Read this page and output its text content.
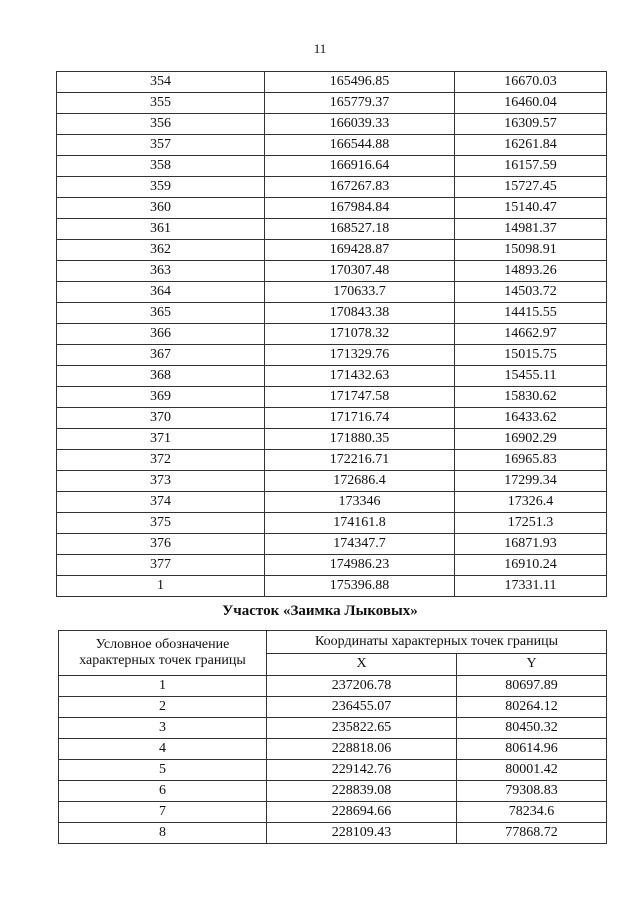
11
354	165496.85	16670.03
355	165779.37	16460.04
356	166039.33	16309.57
357	166544.88	16261.84
358	166916.64	16157.59
359	167267.83	15727.45
360	167984.84	15140.47
361	168527.18	14981.37
362	169428.87	15098.91
363	170307.48	14893.26
364	170633.7	14503.72
365	170843.38	14415.55
366	171078.32	14662.97
367	171329.76	15015.75
368	171432.63	15455.11
369	171747.58	15830.62
370	171716.74	16433.62
371	171880.35	16902.29
372	172216.71	16965.83
373	172686.4	17299.34
374	173346	17326.4
375	174161.8	17251.3
376	174347.7	16871.93
377	174986.23	16910.24
1	175396.88	17331.11
Участок «Заимка Лыковых»
Условное обозначение характерных точек границы	Координаты характерных точек границы	
	X	Y
1	237206.78	80697.89
2	236455.07	80264.12
3	235822.65	80450.32
4	228818.06	80614.96
5	229142.76	80001.42
6	228839.08	79308.83
7	228694.66	78234.6
8	228109.43	77868.72
